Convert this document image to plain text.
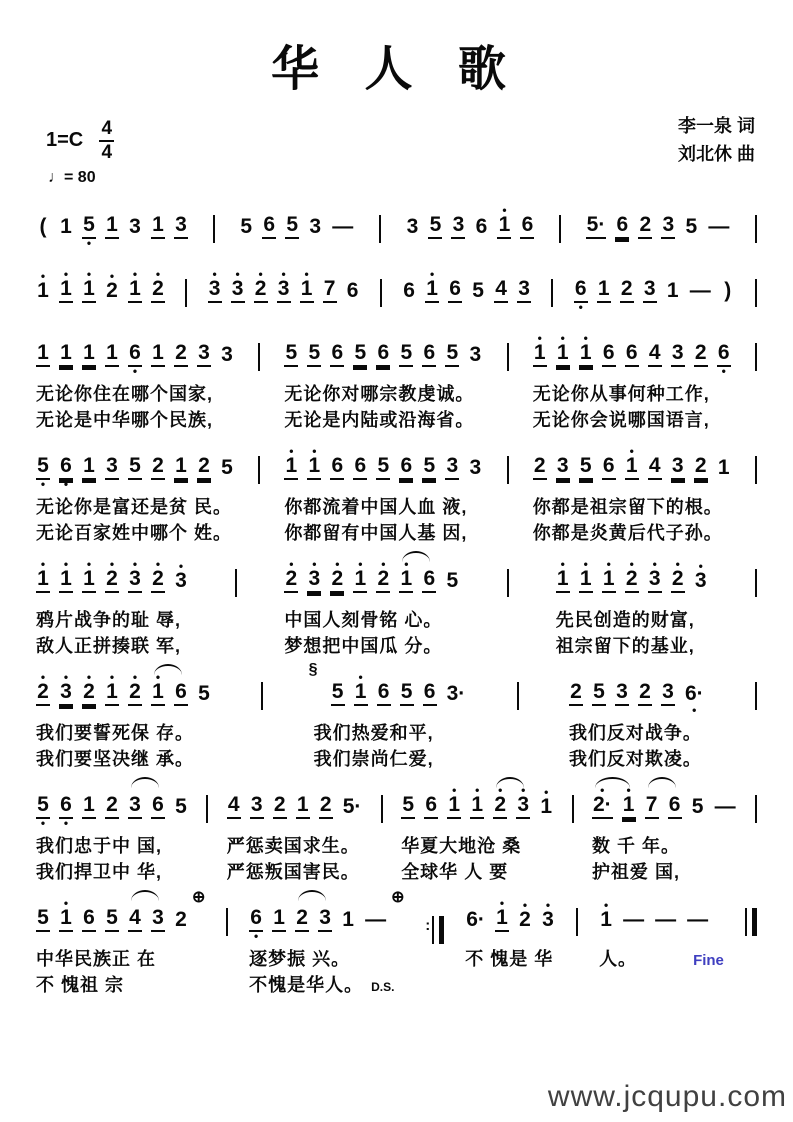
华 人 歌
1=C
4
4
♩= 80
李一泉 词
刘北休 曲
( 1 5
•
1 3 1 3	5 6 5 3 —	3 5 3 6
•
1 6	5· 6 2 3 5 —
•
1
•
1
•
1
•
2
•
1
•
2
•
3
•
3
•
2
•
3
•
1 7 6 6
•
1 6 5 4 3 6
•
1 2 3 1 — )
1 1 1 1 6
•
1 2 3 3
无论你住在哪个国家,
无论是中华哪个民族,
5 5 6 5 6 5 6 5 3
无论你对哪宗教虔诚。
无论是内陆或沿海省。
•
1
•
1
•
1 6 6 4 3 2 6
•
无论你从事何种工作,
无论你会说哪国语言,
5
•
6
•
1 3 5 2 1 2 5
无论你是富还是贫 民。
无论百家姓中哪个 姓。
•
1
•
1 6 6 5 6 5 3 3
你都流着中国人血 液,
你都留有中国人基 因,
2 3 5 6
•
1 4 3 2 1
你都是祖宗留下的根。
你都是炎黄后代子孙。
•
1
•
1
•
1
•
2
•
3
•
2
•
3
鸦片战争的耻 辱,
敌人正拼揍联 军,
•
2
•
3
•
2
•
1
•
2
•
1 6 5
中国人刻骨铭 心。
梦想把中国瓜 分。
•
1
•
1
•
1
•
2
•
3
•
2
•
3
先民创造的财富,
祖宗留下的基业,
•
2
•
3
•
2
•
1
•
2
•
1 6 5
我们要誓死保 存。
我们要坚决继 承。
§
5
•
1 6 5 6 3·
我们热爱和平,
我们崇尚仁爱,
2 5 3 2 3 6·
•
我们反对战争。
我们反对欺凌。
5
•
6
•
1 2 3 6 5
我们忠于中 国,
我们捍卫中 华,
4 3 2 1 2 5·
严惩卖国求生。
严惩叛国害民。
5 6
•
1
•
1
•
2
•
3
•
1
华夏大地沧 桑
全球华 人 要
•
2·
•
1 7 6 5 —
数 千 年。
护祖爱 国,
5
•
1 6 5 4 3 2
⊕
中华民族正 在
不 愧祖 宗
6
•
1 2 3 1 —
⊕
逐梦振 兴。
不愧是华人。 D.S.
: 6·
•
1
•
2
•
3
不 愧是 华
•
1 — — —
人。	Fine
www.jcqupu.com
